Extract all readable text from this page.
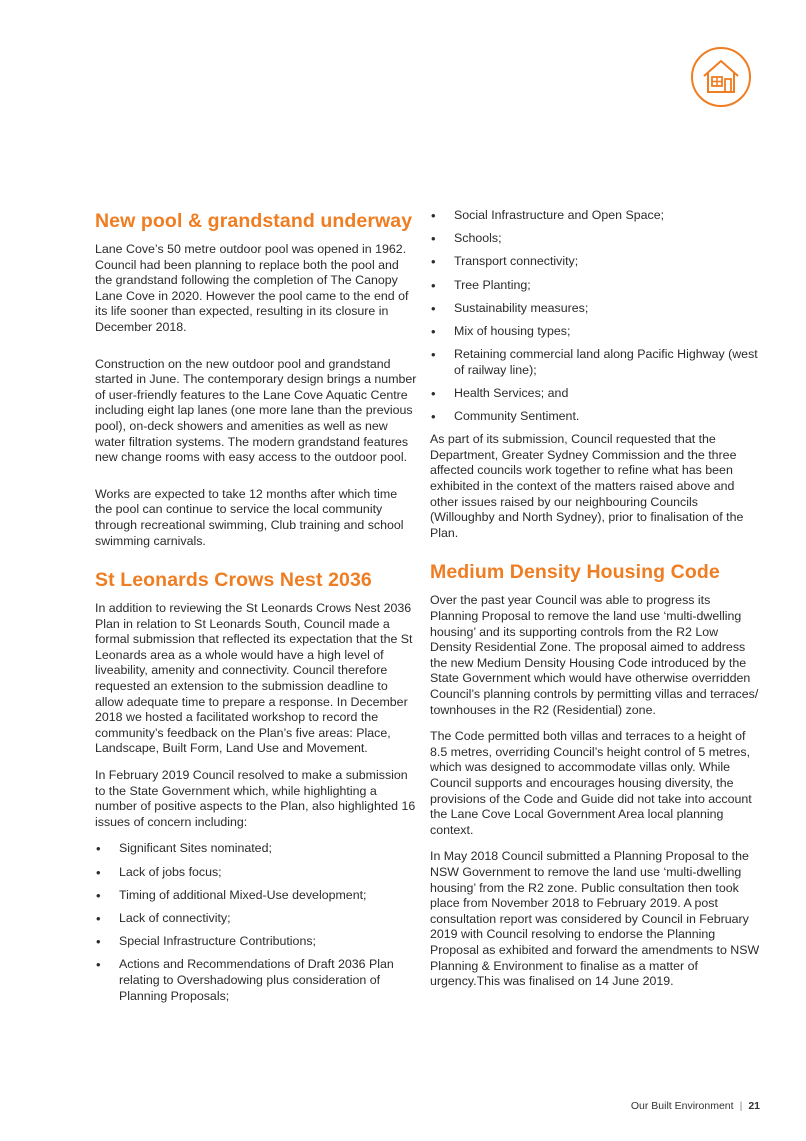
New pool & grandstand underway

Lane Cove’s 50 metre outdoor pool was opened in 1962. Council had been planning to replace both the pool and the grandstand following the completion of The Canopy Lane Cove in 2020. However the pool came to the end of its life sooner than expected, resulting in its closure in December 2018.

Construction on the new outdoor pool and grandstand started in June. The contemporary design brings a number of user-friendly features to the Lane Cove Aquatic Centre including eight lap lanes (one more lane than the previous pool), on-deck showers and amenities as well as new water filtration systems. The modern grandstand features new change rooms with easy access to the outdoor pool.

Works are expected to take 12 months after which time the pool can continue to service the local community through recreational swimming, Club training and school swimming carnivals.

St Leonards Crows Nest 2036

In addition to reviewing the St Leonards Crows Nest 2036 Plan in relation to St Leonards South, Council made a formal submission that reflected its expectation that the St Leonards area as a whole would have a high level of liveability, amenity and connectivity. Council therefore requested an extension to the submission deadline to allow adequate time to prepare a response. In December 2018 we hosted a facilitated workshop to record the community’s feedback on the Plan’s five areas: Place, Landscape, Built Form, Land Use and Movement.

In February 2019 Council resolved to make a submission to the State Government which, while highlighting a number of positive aspects to the Plan, also highlighted 16 issues of concern including:

• Significant Sites nominated;
• Lack of jobs focus;
• Timing of additional Mixed-Use development;
• Lack of connectivity;
• Special Infrastructure Contributions;
• Actions and Recommendations of Draft 2036 Plan relating to Overshadowing plus consideration of Planning Proposals;
• Social Infrastructure and Open Space;
• Schools;
• Transport connectivity;
• Tree Planting;
• Sustainability measures;
• Mix of housing types;
• Retaining commercial land along Pacific Highway (west of railway line);
• Health Services; and
• Community Sentiment.

As part of its submission, Council requested that the Department, Greater Sydney Commission and the three affected councils work together to refine what has been exhibited in the context of the matters raised above and other issues raised by our neighbouring Councils (Willoughby and North Sydney), prior to finalisation of the Plan.

Medium Density Housing Code

Over the past year Council was able to progress its Planning Proposal to remove the land use ‘multi-dwelling housing’ and its supporting controls from the R2 Low Density Residential Zone. The proposal aimed to address the new Medium Density Housing Code introduced by the State Government which would have otherwise overridden Council’s planning controls by permitting villas and terraces/ townhouses in the R2 (Residential) zone.

The Code permitted both villas and terraces to a height of 8.5 metres, overriding Council’s height control of 5 metres, which was designed to accommodate villas only. While Council supports and encourages housing diversity, the provisions of the Code and Guide did not take into account the Lane Cove Local Government Area local planning context.

In May 2018 Council submitted a Planning Proposal to the NSW Government to remove the land use ‘multi-dwelling housing’ from the R2 zone. Public consultation then took place from November 2018 to February 2019. A post consultation report was considered by Council in February 2019 with Council resolving to endorse the Planning Proposal as exhibited and forward the amendments to NSW Planning & Environment to finalise as a matter of urgency.This was finalised on 14 June 2019.

Our Built Environment | 21
